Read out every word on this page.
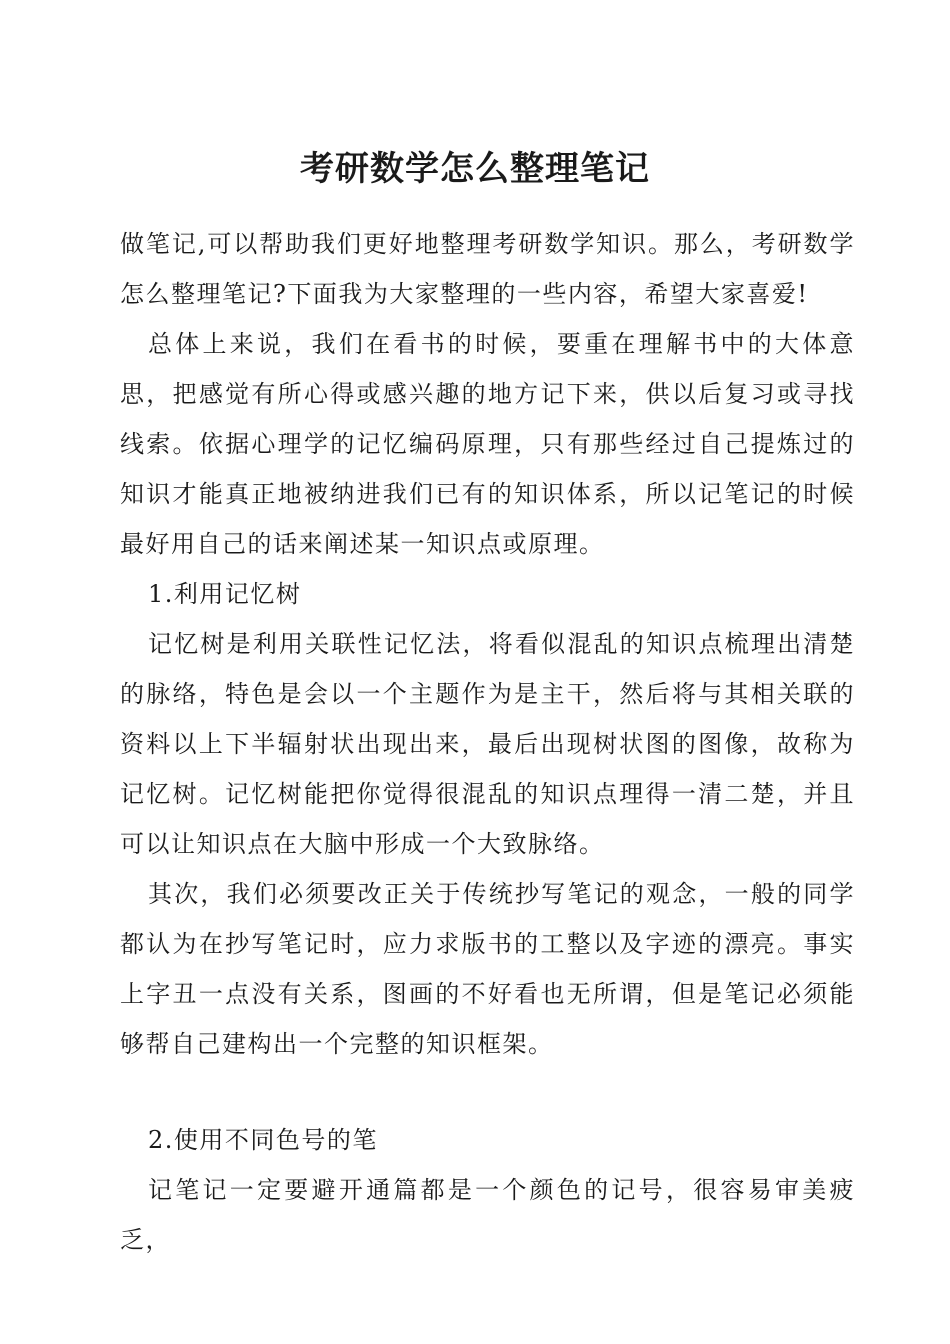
考研数学怎么整理笔记

做笔记,可以帮助我们更好地整理考研数学知识。那么，考研数学怎么整理笔记?下面我为大家整理的一些内容，希望大家喜爱!

总体上来说，我们在看书的时候，要重在理解书中的大体意思，把感觉有所心得或感兴趣的地方记下来，供以后复习或寻找线索。依据心理学的记忆编码原理，只有那些经过自己提炼过的知识才能真正地被纳进我们已有的知识体系，所以记笔记的时候最好用自己的话来阐述某一知识点或原理。

1.利用记忆树

记忆树是利用关联性记忆法，将看似混乱的知识点梳理出清楚的脉络，特色是会以一个主题作为是主干，然后将与其相关联的资料以上下半辐射状出现出来，最后出现树状图的图像，故称为记忆树。记忆树能把你觉得很混乱的知识点理得一清二楚，并且可以让知识点在大脑中形成一个大致脉络。

其次，我们必须要改正关于传统抄写笔记的观念，一般的同学都认为在抄写笔记时，应力求版书的工整以及字迹的漂亮。事实上字丑一点没有关系，图画的不好看也无所谓，但是笔记必须能够帮自己建构出一个完整的知识框架。

2.使用不同色号的笔

记笔记一定要避开通篇都是一个颜色的记号，很容易审美疲乏，
